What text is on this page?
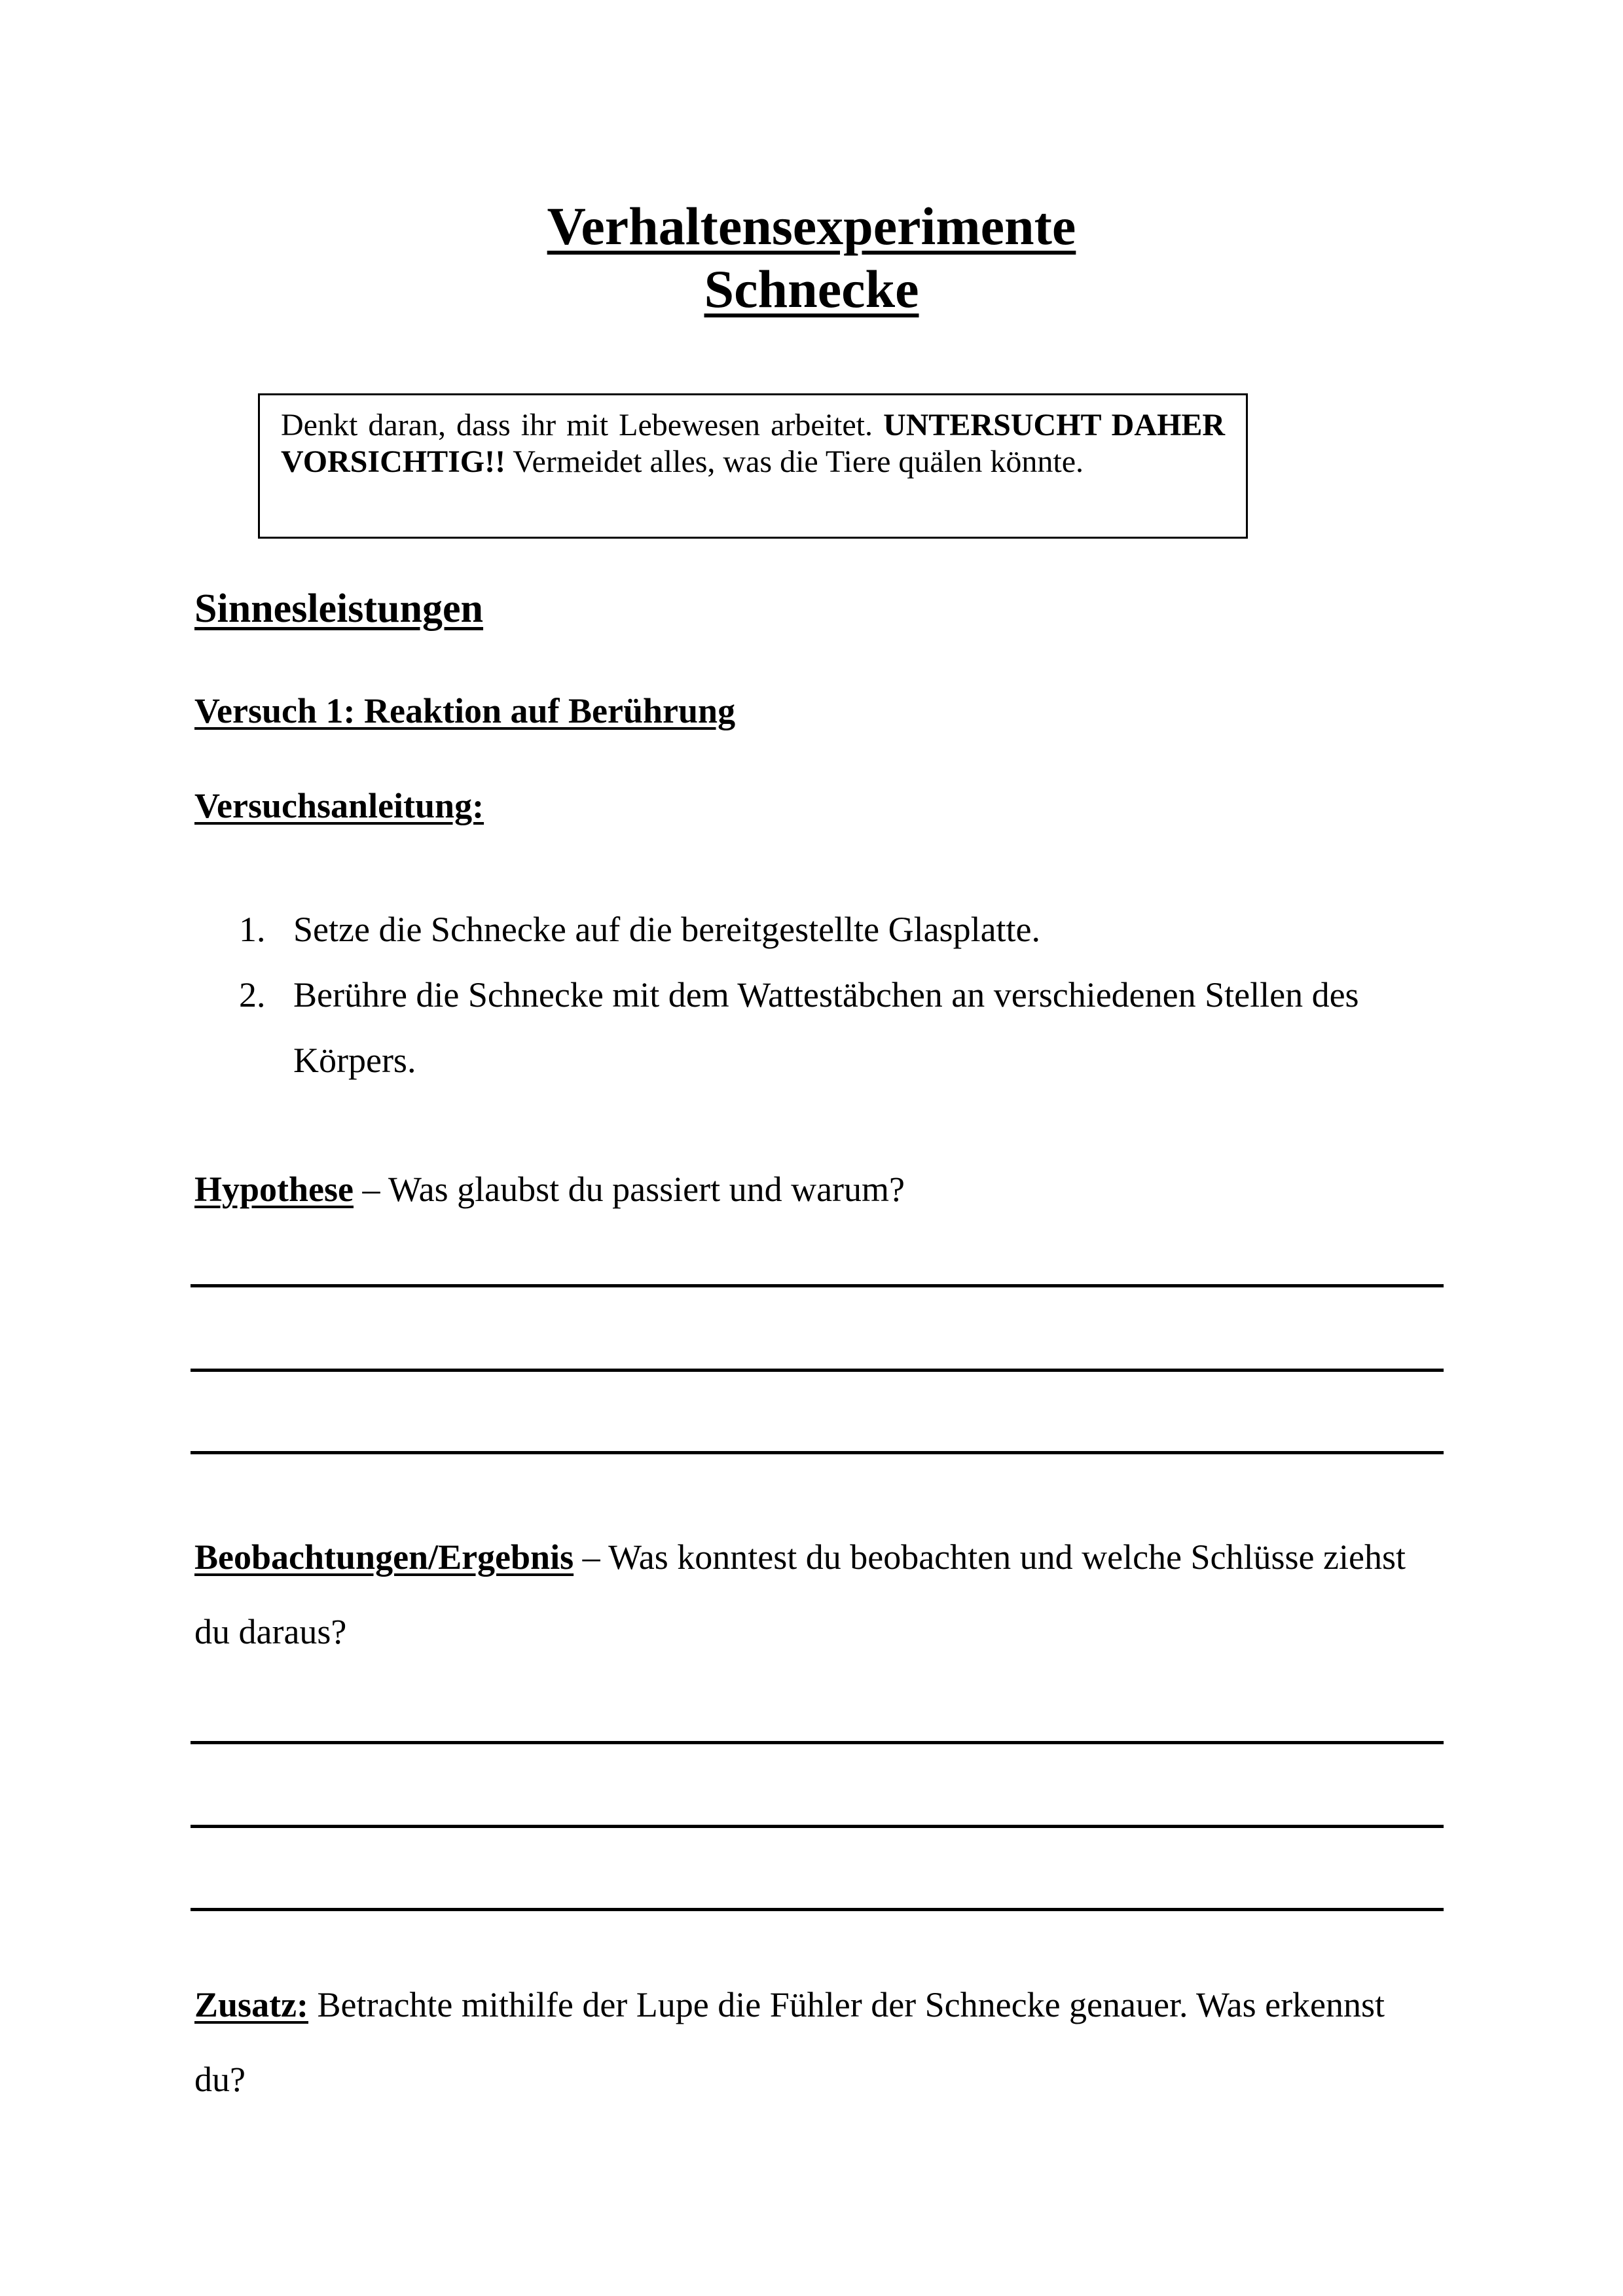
Verhaltensexperimente
Schnecke
Denkt daran, dass ihr mit Lebewesen arbeitet. UNTERSUCHT DAHER VORSICHTIG!! Vermeidet alles, was die Tiere quälen könnte.
Sinnesleistungen
Versuch 1: Reaktion auf Berührung
Versuchsanleitung:
1. Setze die Schnecke auf die bereitgestellte Glasplatte.
2. Berühre die Schnecke mit dem Wattestäbchen an verschiedenen Stellen des Körpers.
Hypothese – Was glaubst du passiert und warum?
Beobachtungen/Ergebnis – Was konntest du beobachten und welche Schlüsse ziehst du daraus?
Zusatz: Betrachte mithilfe der Lupe die Fühler der Schnecke genauer. Was erkennst du?
